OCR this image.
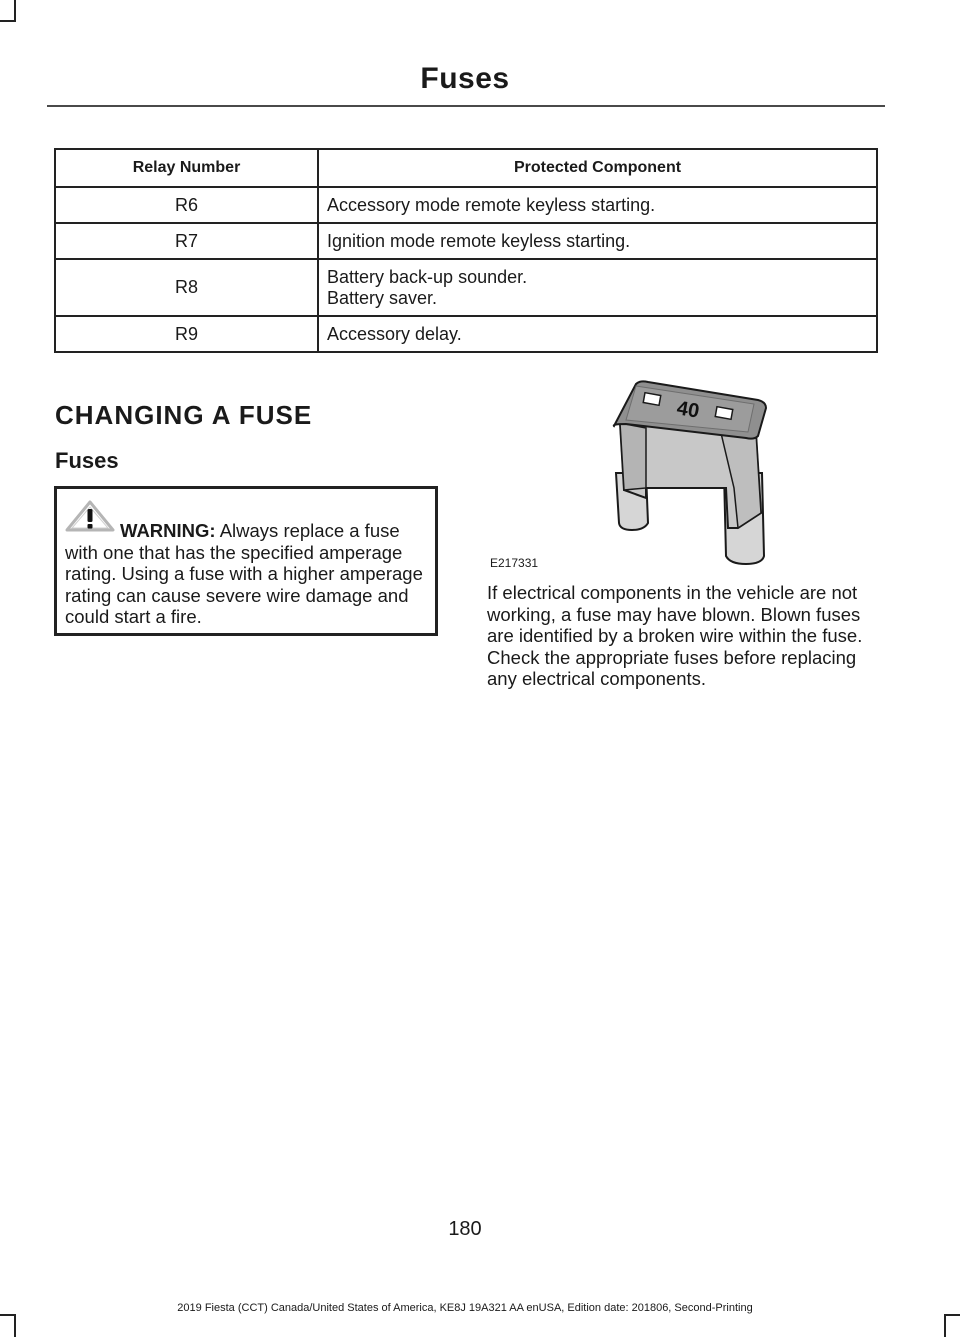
Fuses
Relay Number	Protected Component
R6	Accessory mode remote keyless starting.
R7	Ignition mode remote keyless starting.
R8	Battery back-up sounder.
Battery saver.

R9	Accessory delay.
CHANGING A FUSE
Fuses
WARNING: Always replace a fuse with one that has the specified amperage rating. Using a fuse with a higher amperage rating can cause severe wire damage and could start a fire.
40
E217331
If electrical components in the vehicle are not working, a fuse may have blown. Blown fuses are identified by a broken wire within the fuse. Check the appropriate fuses before replacing any electrical components.
180
2019 Fiesta (CCT) Canada/United States of America, KE8J 19A321 AA enUSA, Edition date: 201806, Second-Printing
